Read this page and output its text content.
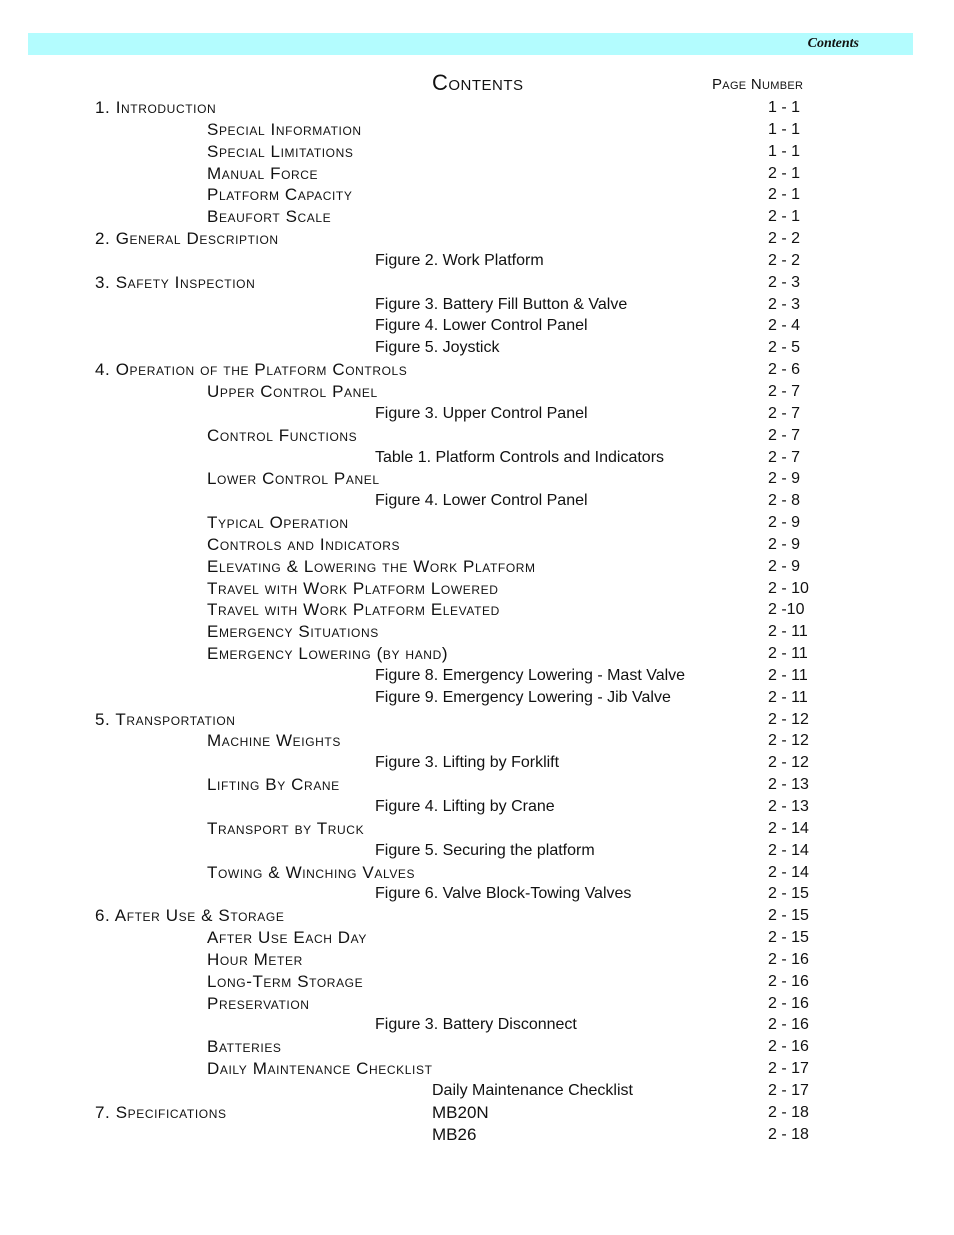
Contents
Contents	Page Number
1. Introduction	1 - 1
Special Information	1 - 1
Special Limitations	1 - 1
Manual Force	2 - 1
Platform Capacity	2 - 1
Beaufort Scale	2 - 1
2. General Description	2 - 2
Figure 2. Work Platform	2 - 2
3. Safety Inspection	2 - 3
Figure 3. Battery Fill Button & Valve	2 - 3
Figure 4. Lower Control Panel	2 - 4
Figure 5. Joystick	2 - 5
4. Operation of the Platform Controls	2 - 6
Upper Control Panel	2 - 7
Figure 3. Upper Control Panel	2 - 7
Control Functions	2 - 7
Table 1. Platform Controls and Indicators	2 - 7
Lower Control Panel	2 - 9
Figure 4. Lower Control Panel	2 - 8
Typical Operation	2 - 9
Controls and Indicators	2 - 9
Elevating & Lowering the Work Platform	2 - 9
Travel with Work Platform Lowered	2 - 10
Travel with Work Platform Elevated	2 -10
Emergency Situations	2 - 11
Emergency Lowering (by hand)	2 - 11
Figure 8. Emergency Lowering - Mast Valve	2 - 11
Figure 9. Emergency Lowering - Jib Valve	2 - 11
5. Transportation	2 - 12
Machine Weights	2 - 12
Figure 3. Lifting by Forklift	2 - 12
Lifting By Crane	2 - 13
Figure 4. Lifting by Crane	2 - 13
Transport by Truck	2 - 14
Figure 5. Securing the platform	2 - 14
Towing & Winching Valves	2 - 14
Figure 6. Valve Block-Towing Valves	2 - 15
6. After Use & Storage	2 - 15
After Use Each Day	2 - 15
Hour Meter	2 - 16
Long-Term Storage	2 - 16
Preservation	2 - 16
Figure 3. Battery Disconnect	2 - 16
Batteries	2 - 16
Daily Maintenance Checklist	2 - 17
Daily Maintenance Checklist	2 - 17
7. Specifications	MB20N	2 - 18
MB26	2 - 18
